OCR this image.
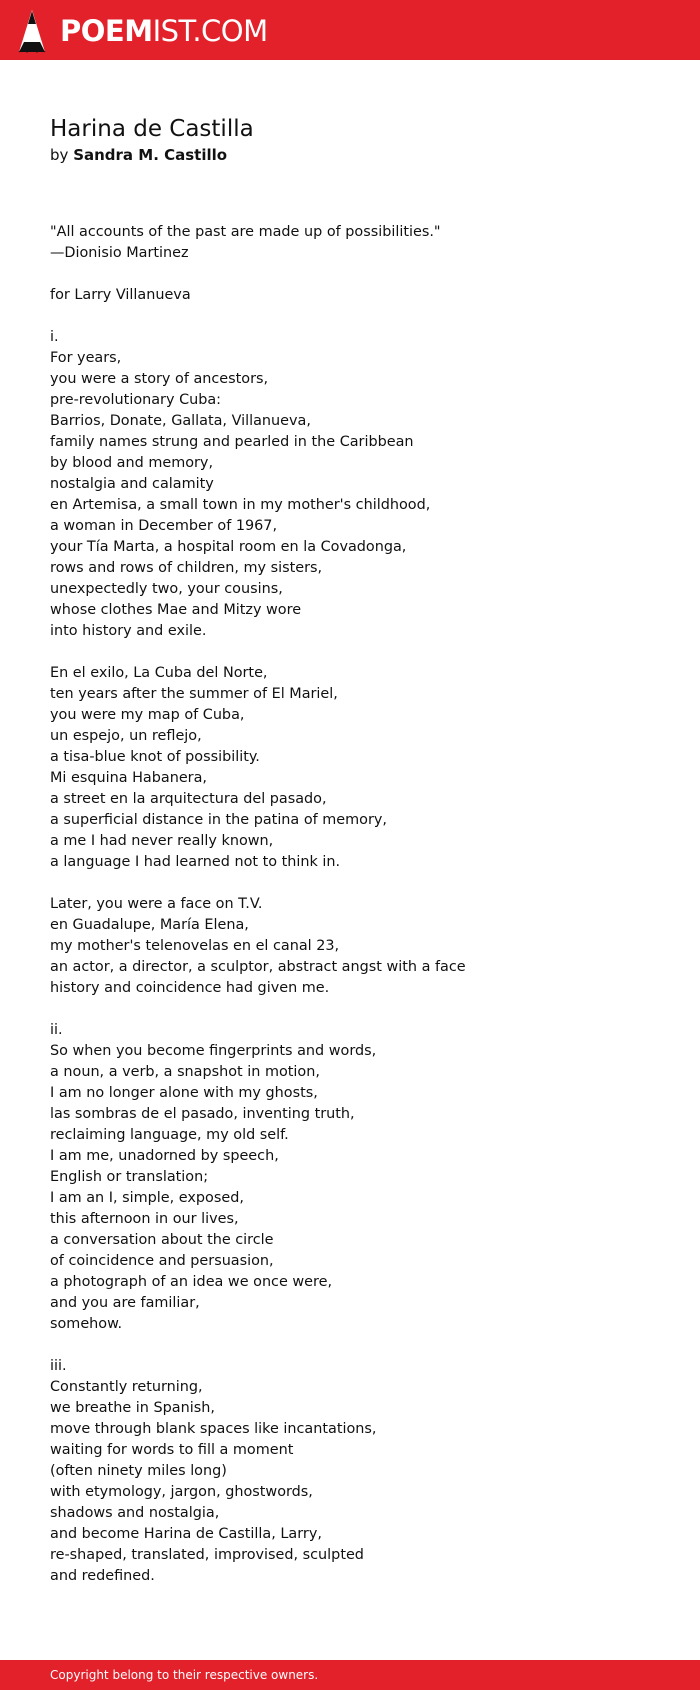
POEMIST.COM
Harina de Castilla

by Sandra M. Castillo

"All accounts of the past are made up of possibilities."
—Dionisio Martinez

for Larry Villanueva

i.
For years,
you were a story of ancestors,
pre-revolutionary Cuba:
Barrios, Donate, Gallata, Villanueva,
family names strung and pearled in the Caribbean
by blood and memory,
nostalgia and calamity
en Artemisa, a small town in my mother's childhood,
a woman in December of 1967,
your Tía Marta, a hospital room en la Covadonga,
rows and rows of children, my sisters,
unexpectedly two, your cousins,
whose clothes Mae and Mitzy wore
into history and exile.

En el exilo, La Cuba del Norte,
ten years after the summer of El Mariel,
you were my map of Cuba,
un espejo, un reflejo,
a tisa-blue knot of possibility.
Mi esquina Habanera,
a street en la arquitectura del pasado,
a superficial distance in the patina of memory,
a me I had never really known,
a language I had learned not to think in.

Later, you were a face on T.V.
en Guadalupe, María Elena,
my mother's telenovelas en el canal 23,
an actor, a director, a sculptor, abstract angst with a face
history and coincidence had given me.

ii.
So when you become fingerprints and words,
a noun, a verb, a snapshot in motion,
I am no longer alone with my ghosts,
las sombras de el pasado, inventing truth,
reclaiming language, my old self.
I am me, unadorned by speech,
English or translation;
I am an I, simple, exposed,
this afternoon in our lives,
a conversation about the circle
of coincidence and persuasion,
a photograph of an idea we once were,
and you are familiar,
somehow.

iii.
Constantly returning,
we breathe in Spanish,
move through blank spaces like incantations,
waiting for words to fill a moment
(often ninety miles long)
with etymology, jargon, ghostwords,
shadows and nostalgia,
and become Harina de Castilla, Larry,
re-shaped, translated, improvised, sculpted
and redefined.
Copyright belong to their respective owners.
